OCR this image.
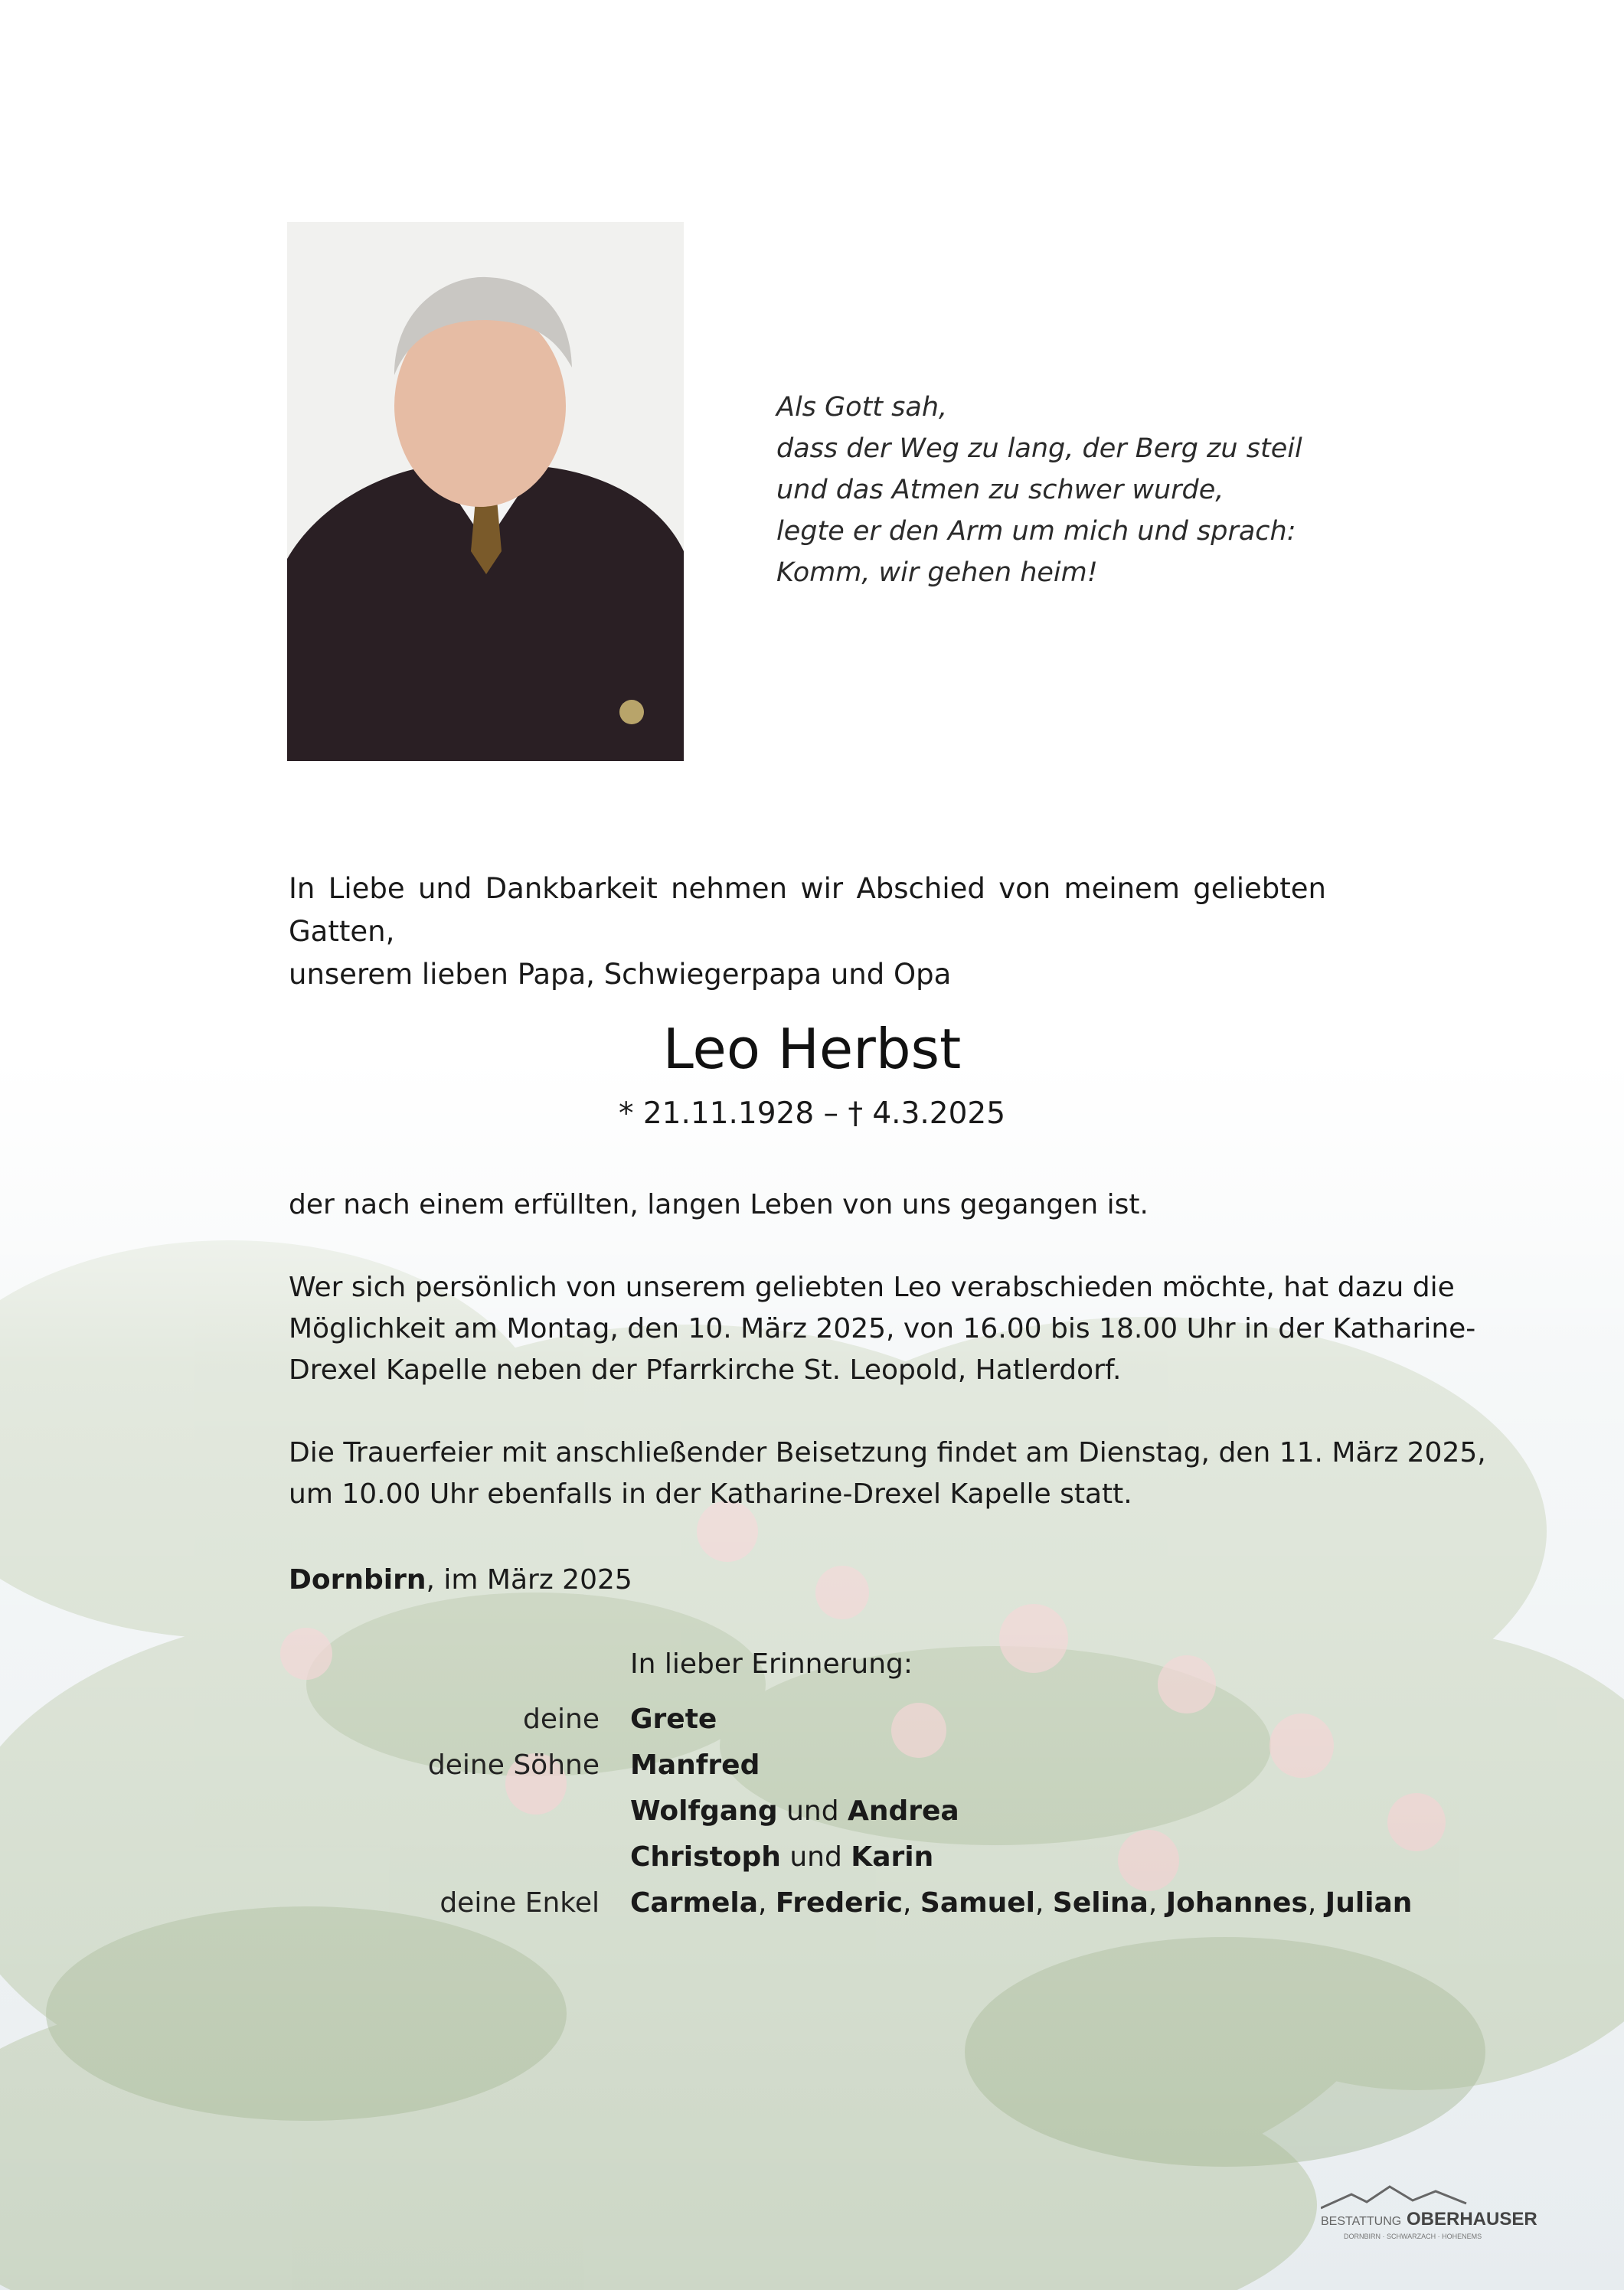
Als Gott sah,
dass der Weg zu lang, der Berg zu steil
und das Atmen zu schwer wurde,
legte er den Arm um mich und sprach:
Komm, wir gehen heim!
In Liebe und Dankbarkeit nehmen wir Abschied von meinem geliebten Gatten,
unserem lieben Papa, Schwiegerpapa und Opa
Leo Herbst
* 21.11.1928 – † 4.3.2025
der nach einem erfüllten, langen Leben von uns gegangen ist.
Wer sich persönlich von unserem geliebten Leo verabschieden möchte, hat dazu die
Möglichkeit am Montag, den 10. März 2025, von 16.00 bis 18.00 Uhr in der Katharine-
Drexel Kapelle neben der Pfarrkirche St. Leopold, Hatlerdorf.
Die Trauerfeier mit anschließender Beisetzung findet am Dienstag, den 11. März 2025,
um 10.00 Uhr ebenfalls in der Katharine-Drexel Kapelle statt.
Dornbirn, im März 2025
In lieber Erinnerung:
deine Grete
deine Söhne Manfred
Wolfgang und Andrea
Christoph und Karin
deine Enkel Carmela, Frederic, Samuel, Selina, Johannes, Julian
BESTATTUNG OBERHAUSER
DORNBIRN · SCHWARZACH · HOHENEMS
